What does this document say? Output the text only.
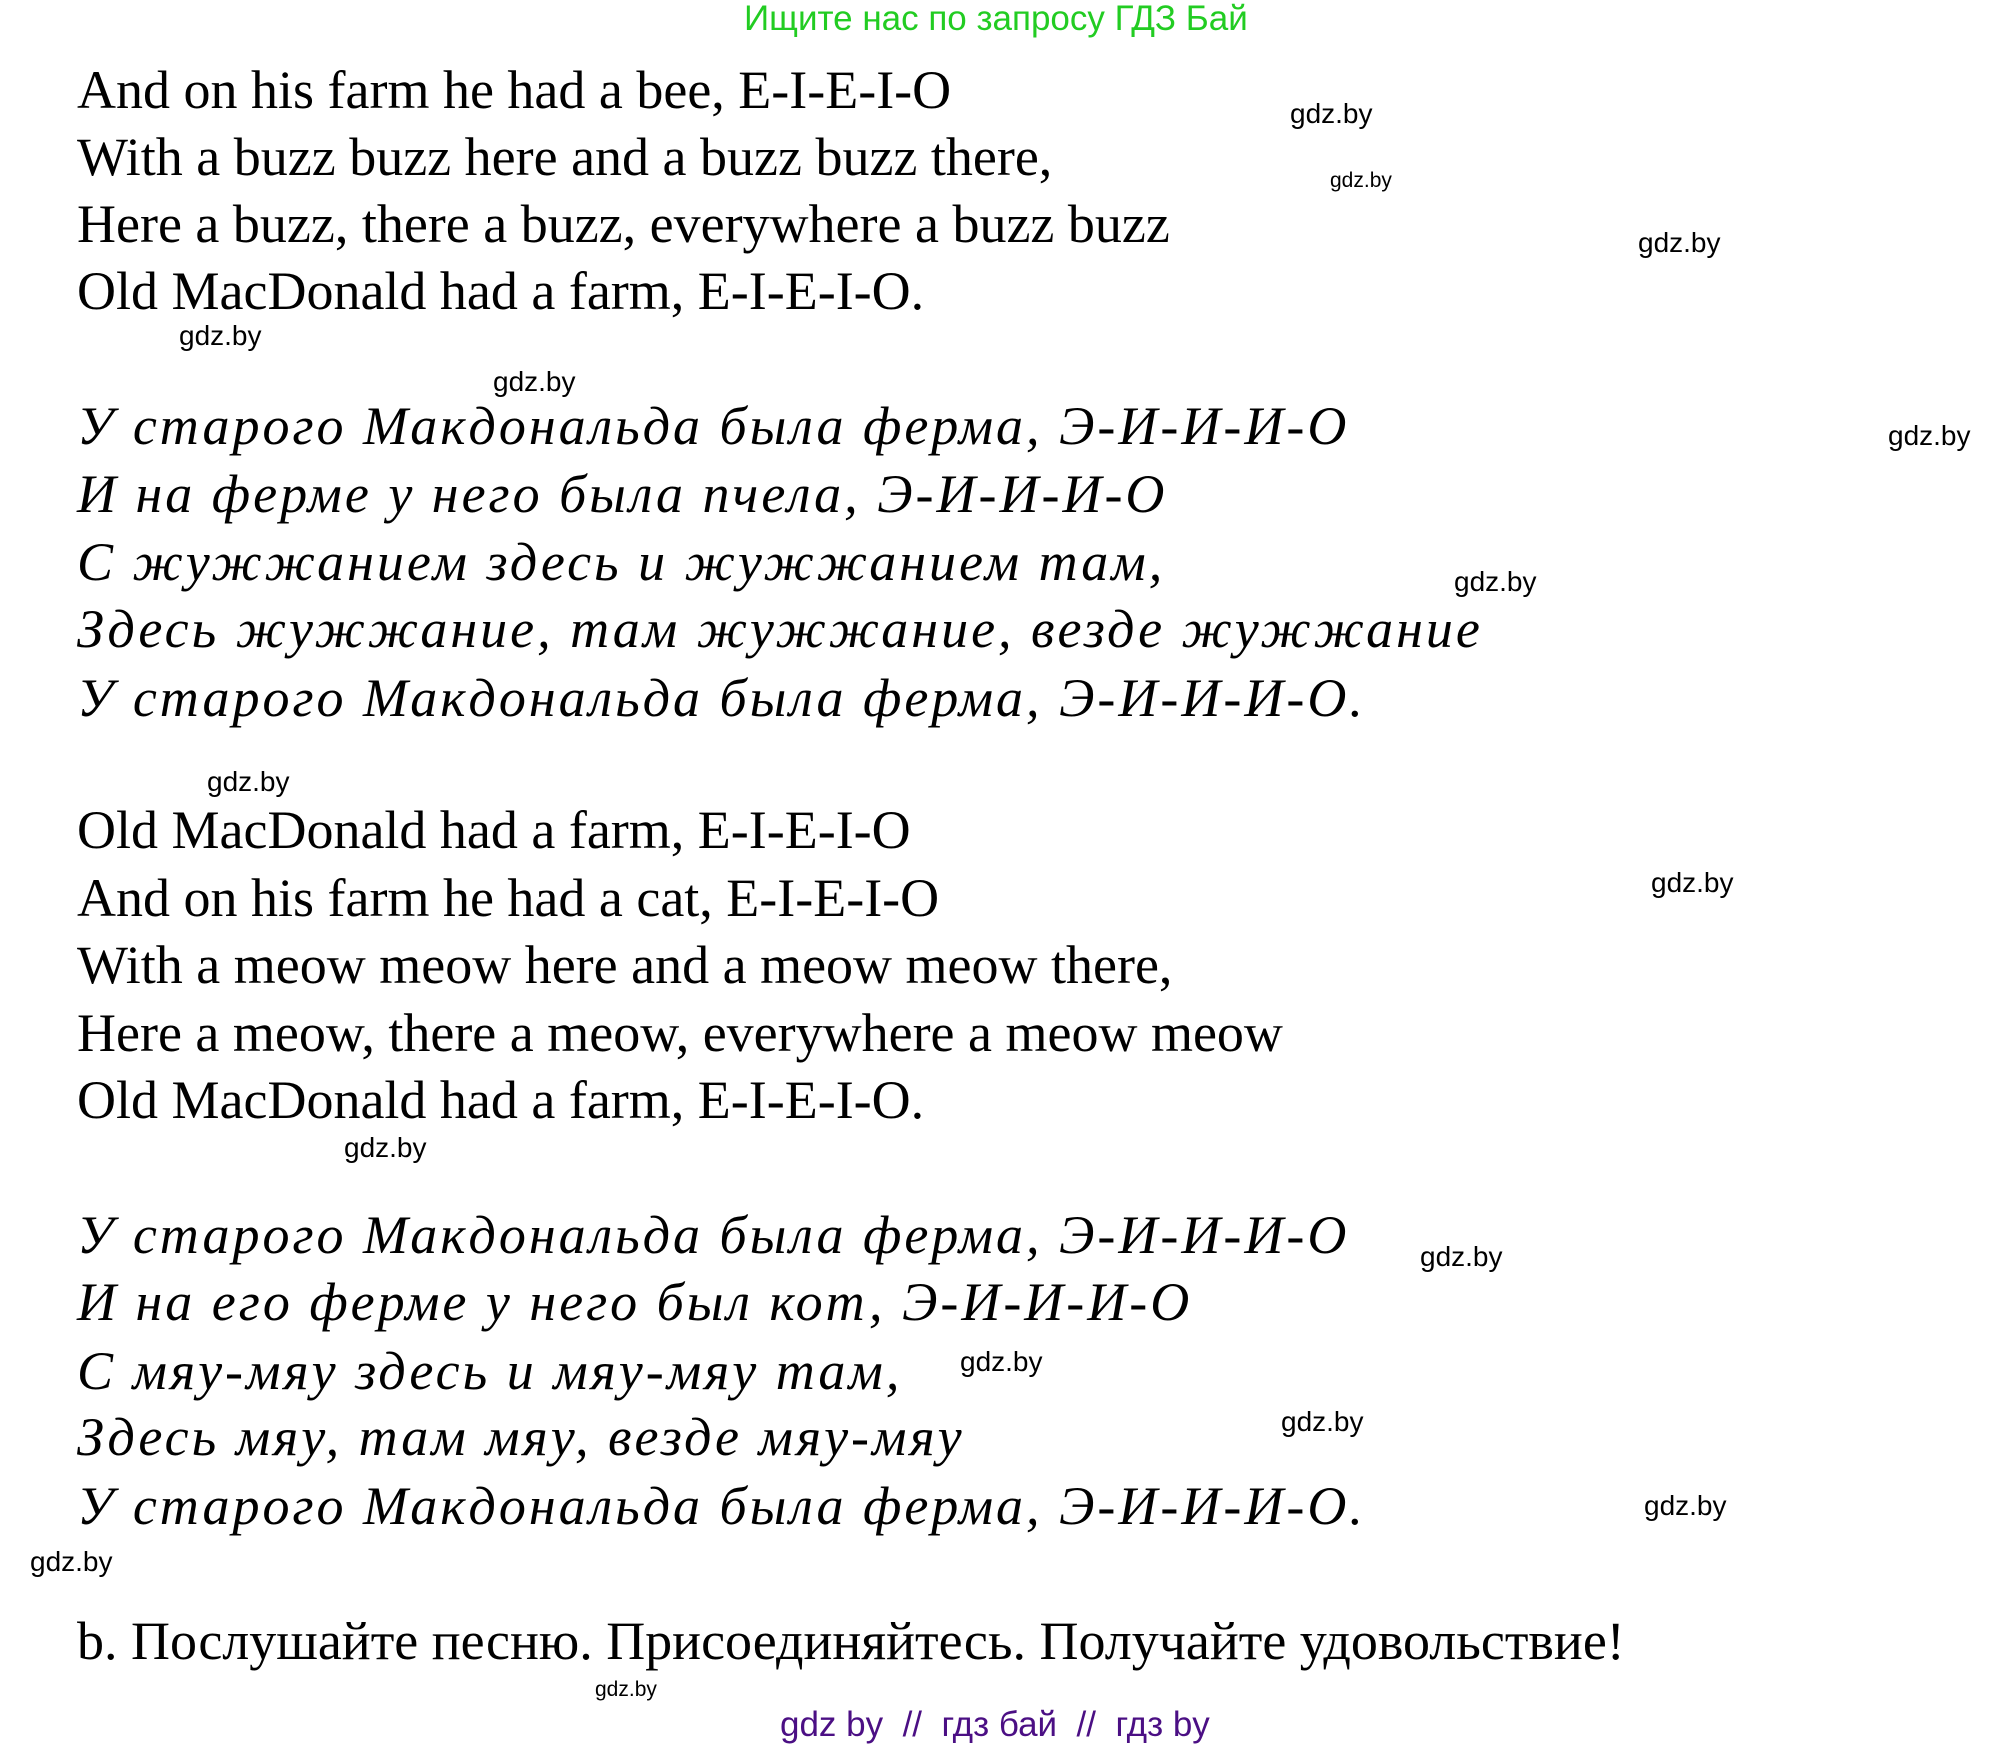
Ищите нас по запросу ГДЗ Бай
And on his farm he had a bee, E-I-E-I-O
With a buzz buzz here and a buzz buzz there,
Here a buzz, there a buzz, everywhere a buzz buzz
Old MacDonald had a farm, E-I-E-I-O.
У старого Макдональда была ферма, Э-И-И-И-О
И на ферме у него была пчела, Э-И-И-И-О
С жужжанием здесь и жужжанием там,
Здесь жужжание, там жужжание, везде жужжание
У старого Макдональда была ферма, Э-И-И-И-О.
Old MacDonald had a farm, E-I-E-I-O
And on his farm he had a cat, E-I-E-I-O
With a meow meow here and a meow meow there,
Here a meow, there a meow, everywhere a meow meow
Old MacDonald had a farm, E-I-E-I-O.
У старого Макдональда была ферма, Э-И-И-И-О
И на его ферме у него был кот, Э-И-И-И-О
С мяу-мяу здесь и мяу-мяу там,
Здесь мяу, там мяу, везде мяу-мяу
У старого Макдональда была ферма, Э-И-И-И-О.
b. Послушайте песню. Присоединяйтесь. Получайте удовольствие!
gdz.by
gdz.by
gdz.by
gdz.by
gdz.by
gdz.by
gdz.by
gdz.by
gdz.by
gdz.by
gdz.by
gdz.by
gdz.by
gdz.by
gdz.by
gdz.by
gdz by  //  гдз бай  //  гдз by
